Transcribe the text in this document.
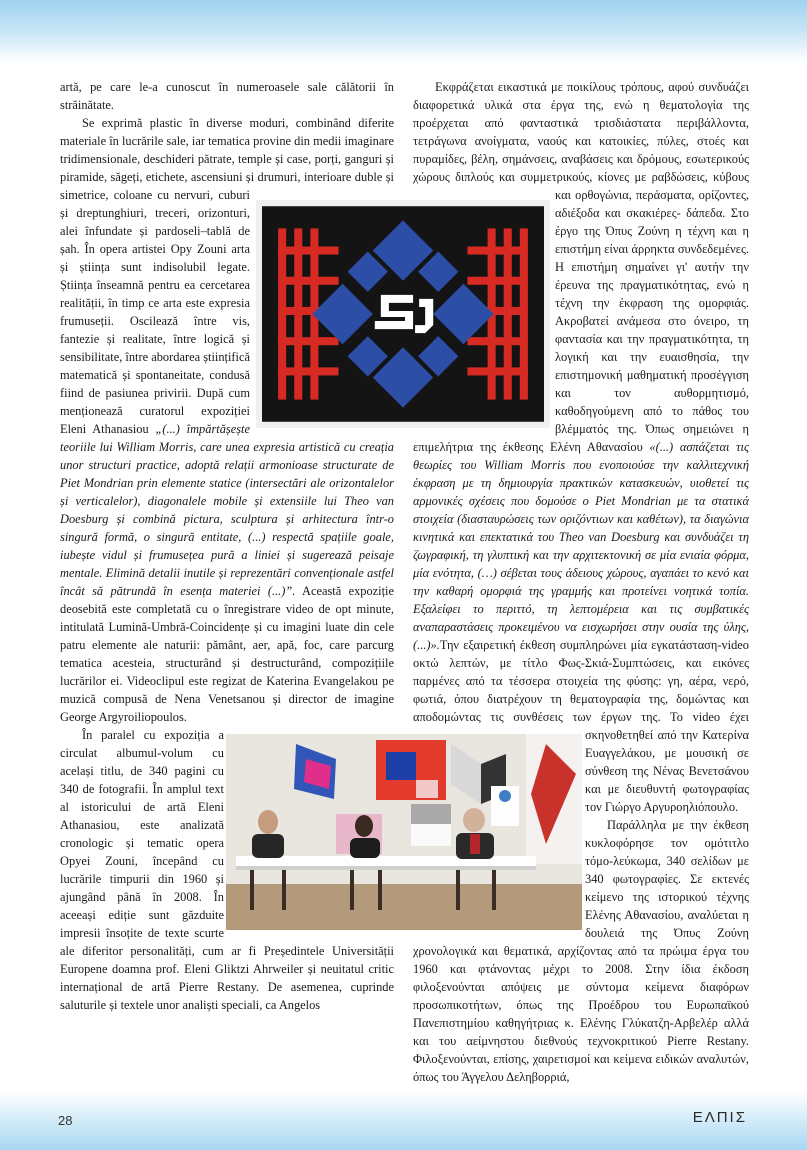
artă, pe care le-a cunoscut în numeroasele sale călătorii în străinătate.

Se exprimă plastic în diverse moduri, combinând diferite materiale în lucrările sale, iar tematica provine din medii imaginare tridimensionale, deschideri pătrate, temple și case, porți, ganguri și piramide, săgeți, etichete, ascensiuni și drumuri, interioare duble și simetrice, coloane cu nervuri, cuburi și dreptunghiuri, treceri, orizonturi, alei înfundate și pardoseli–tablă de șah. În opera artistei Opy Zouni arta și știința sunt indisolubil legate. Știința înseamnă pentru ea cercetarea realității, în timp ce arta este expresia frumuseții. Oscilează între vis, fantezie și realitate, între logică și sensibilitate, între abordarea științifică matematică și spontaneitate, condusă fiind de pasiunea privirii. După cum menționează curatorul expoziției Eleni Athanasiou „(...) împărtășește teoriile lui William Morris, care unea expresia artistică cu creația unor structuri practice, adoptă relații armonioase structurate de Piet Mondrian prin elemente statice (intersectări ale orizontalelor și verticalelor), diagonalele mobile și extensiile lui Theo van Doesburg și combină pictura, sculptura și arhitectura într-o singură formă, o singură entitate, (...) respectă spațiile goale, iubește vidul și frumusețea pură a liniei și sugerează peisaje mentale. Elimină detalii inutile și reprezentări convenționale astfel încât să pătrundă în esența materiei (...)”. Această expoziție deosebită este completată cu o înregistrare video de opt minute, intitulată Lumină-Umbră-Coincidențe și cu imagini luate din cele patru elemente ale naturii: pământ, aer, apă, foc, care parcurg tematica acesteia, structurând și destructurând, compozițiile lucrărilor ei. Videoclipul este regizat de Katerina Evangelakou pe muzică compusă de Nena Venetsanou și director de imagine George Argyroiliopoulos.

În paralel cu expoziția a circulat albumul-volum cu același titlu, de 340 pagini cu 340 de fotografii. În amplul text al istoricului de artă Eleni Athanasiou, este analizată cronologic și tematic opera Opyei Zouni, începând cu lucrările timpurii din 1960 și ajungând până în 2008. În aceeași ediție sunt găzduite impresii însoțite de texte scurte ale diferitor personalități, cum ar fi Președintele Universității Europene doamna prof. Eleni Gliktzi Ahrweiler și neuitatul critic internațional de artă Pierre Restany. De asemenea, cuprinde saluturile și textele unor analiști speciali, ca Angelos

Εκφράζεται εικαστικά με ποικίλους τρόπους, αφού συνδυάζει διαφορετικά υλικά στα έργα της, ενώ η θεματολογία της προέρχεται από φανταστικά τρισδιάστατα περιβάλλοντα, τετράγωνα ανοίγματα, ναούς και κατοικίες, πύλες, στοές και πυραμίδες, βέλη, σημάνσεις, αναβάσεις και δρόμους, εσωτερικούς χώρους διπλούς και συμμετρικούς, κίονες με ραβδώσεις, κύβους και ορθογώνια, περάσματα, ορίζοντες, αδιέξοδα και σκακιέρες- δάπεδα. Στο έργο της Όπυς Ζούνη η τέχνη και η επιστήμη είναι άρρηκτα συνδεδεμένες. Η επιστήμη σημαίνει γι' αυτήν την έρευνα της πραγματικότητας, ενώ η τέχνη την έκφραση της ομορφιάς. Ακροβατεί ανάμεσα στο όνειρο, τη φαντασία και την πραγματικότητα, τη λογική και την ευαισθησία, την επιστημονική μαθηματική προσέγγιση και τον αυθορμητισμό, καθοδηγούμενη από το πάθος του βλέμματός της. Όπως σημειώνει η επιμελήτρια της έκθεσης Ελένη Αθανασίου «(...) ασπάζεται τις θεωρίες του William Morris που ενοποιούσε την καλλιτεχνική έκφραση με τη δημιουργία πρακτικών κατασκευών, υιοθετεί τις αρμονικές σχέσεις που δομούσε ο Piet Mondrian με τα στατικά στοιχεία (διασταυρώσεις των οριζόντιων και καθέτων), τα διαγώνια κινητικά και επεκτατικά του Theo van Doesburg και συνδυάζει τη ζωγραφική, τη γλυπτική και την αρχιτεκτονική σε μία ενιαία φόρμα, μία ενότητα, (…) σέβεται τους άδειους χώρους, αγαπάει το κενό και την καθαρή ομορφιά της γραμμής και προτείνει νοητικά τοπία. Εξαλείφει το περιττό, τη λεπτομέρεια και τις συμβατικές αναπαραστάσεις προκειμένου να εισχωρήσει στην ουσία της ύλης, (...)».Την εξαιρετική έκθεση συμπληρώνει μία εγκατάσταση-video οκτώ λεπτών, με τίτλο Φως-Σκιά-Συμπτώσεις, και εικόνες παρμένες από τα τέσσερα στοιχεία της φύσης: γη, αέρα, νερό, φωτιά, όπου διατρέχουν τη θεματογραφία της, δομώντας και αποδομώντας τις συνθέσεις των έργων της. Το video έχει σκηνοθετηθεί από την Κατερίνα Ευαγγελάκου, με μουσική σε σύνθεση της Νένας Βενετσάνου και με διευθυντή φωτογραφίας τον Γιώργο Αργυροηλιόπουλο.

Παράλληλα με την έκθεση κυκλοφόρησε τον ομότιτλο τόμο-λεύκωμα, 340 σελίδων με 340 φωτογραφίες. Σε εκτενές κείμενο της ιστορικού τέχνης Ελένης Αθανασίου, αναλύεται η δουλειά της Όπυς Ζούνη χρονολογικά και θεματικά, αρχίζοντας από τα πρώιμα έργα του 1960 και φτάνοντας μέχρι το 2008. Στην ίδια έκδοση φιλοξενούνται απόψεις με σύντομα κείμενα διαφόρων προσωπικοτήτων, όπως της Προέδρου του Ευρωπαϊκού Πανεπιστημίου καθηγήτριας κ. Ελένης Γλύκατζη-Αρβελέρ αλλά και του αείμνηστου διεθνούς τεχνοκριτικού Pierre Restany. Φιλοξενούνται, επίσης, χαιρετισμοί και κείμενα ειδικών αναλυτών, όπως του Άγγελου Δεληβορριά,

28	ΕΛΠΙΣ
